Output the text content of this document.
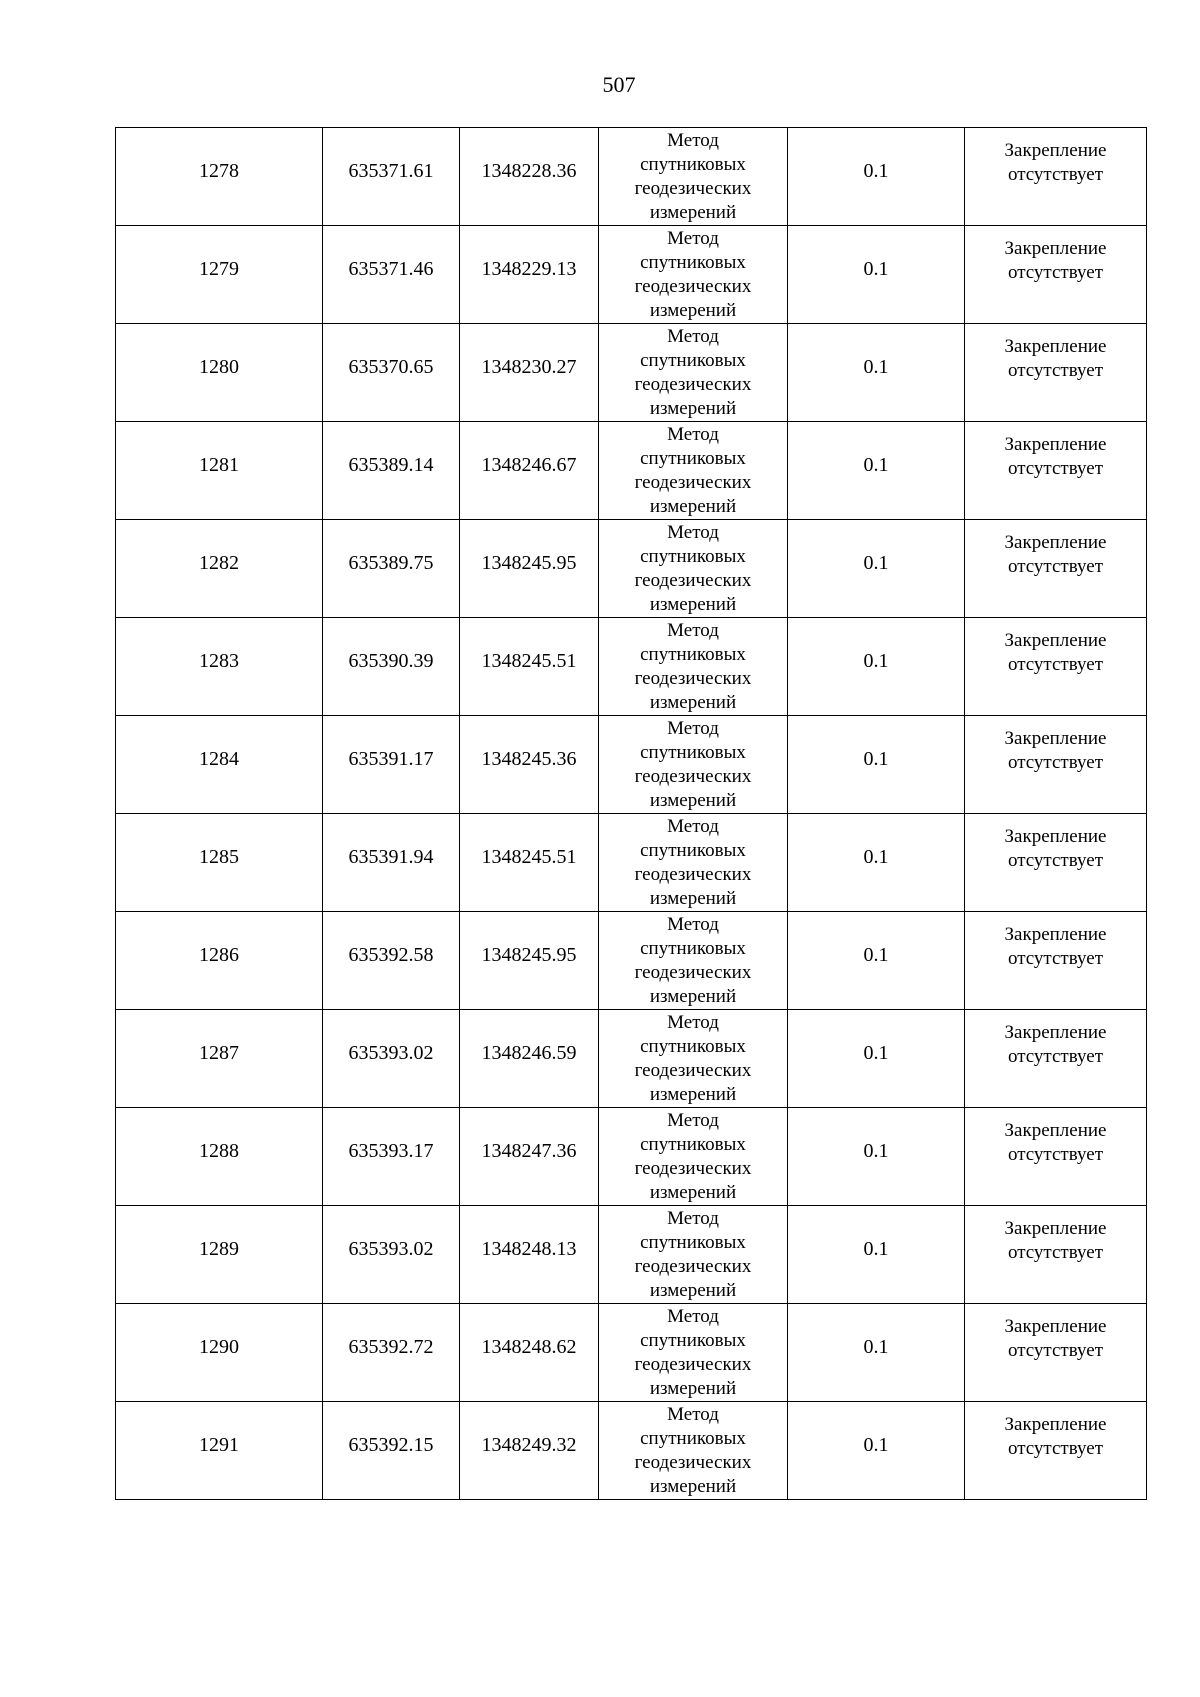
507
1278	635371.61	1348228.36	Метод
спутниковых
геодезических
измерений	0.1	Закреплениеотсутствует
1279	635371.46	1348229.13	Метод
спутниковых
геодезических
измерений	0.1	Закреплениеотсутствует
1280	635370.65	1348230.27	Метод
спутниковых
геодезических
измерений	0.1	Закреплениеотсутствует
1281	635389.14	1348246.67	Метод
спутниковых
геодезических
измерений	0.1	Закреплениеотсутствует
1282	635389.75	1348245.95	Метод
спутниковых
геодезических
измерений	0.1	Закреплениеотсутствует
1283	635390.39	1348245.51	Метод
спутниковых
геодезических
измерений	0.1	Закреплениеотсутствует
1284	635391.17	1348245.36	Метод
спутниковых
геодезических
измерений	0.1	Закреплениеотсутствует
1285	635391.94	1348245.51	Метод
спутниковых
геодезических
измерений	0.1	Закреплениеотсутствует
1286	635392.58	1348245.95	Метод
спутниковых
геодезических
измерений	0.1	Закреплениеотсутствует
1287	635393.02	1348246.59	Метод
спутниковых
геодезических
измерений	0.1	Закреплениеотсутствует
1288	635393.17	1348247.36	Метод
спутниковых
геодезических
измерений	0.1	Закреплениеотсутствует
1289	635393.02	1348248.13	Метод
спутниковых
геодезических
измерений	0.1	Закреплениеотсутствует
1290	635392.72	1348248.62	Метод
спутниковых
геодезических
измерений	0.1	Закреплениеотсутствует
1291	635392.15	1348249.32	Метод
спутниковых
геодезических
измерений	0.1	Закреплениеотсутствует
